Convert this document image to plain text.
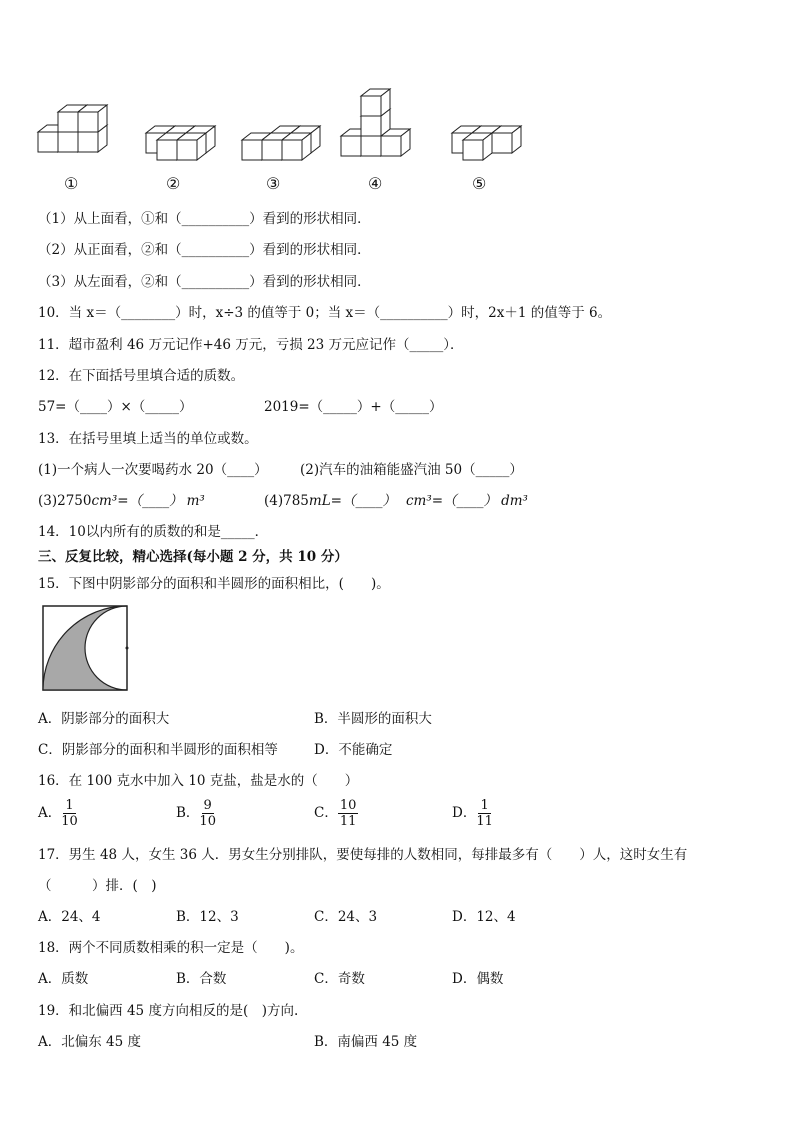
①	②	③	④	⑤
（1）从上面看，①和（__________）看到的形状相同．
（2）从正面看，②和（__________）看到的形状相同．
（3）从左面看，②和（__________）看到的形状相同．
10．当 x＝（________）时，x÷3 的值等于 0；当 x＝（__________）时，2x＋1 的值等于 6。
11．超市盈利 46 万元记作+46 万元，亏损 23 万元应记作（_____）．
12．在下面括号里填合适的质数。
57=（____）×（_____）	2019=（_____）+（_____）
13．在括号里填上适当的单位或数。
(1)一个病人一次要喝药水 20（____） (2)汽车的油箱能盛汽油 50（_____）
(3)2750cm³=（____） m³	(4)785mL=（____） cm³=（____） dm³
14．10以内所有的质数的和是_____．
三、反复比较，精心选择(每小题 2 分，共 10 分）
15．下图中阴影部分的面积和半圆形的面积相比，(　　)。
A．阴影部分的面积大	B．半圆形的面积大
C．阴影部分的面积和半圆形的面积相等	D．不能确定
16．在 100 克水中加入 10 克盐，盐是水的（　　）
A． $\frac{1}{10}$	B． $\frac{9}{10}$	C． $\frac{10}{11}$	D． $\frac{1}{11}$
17．男生 48 人，女生 36 人．男女生分别排队，要使每排的人数相同，每排最多有（　　）人，这时女生有
（　　　）排．(　)
A．24、4	B．12、3	C．24、3	D．12、4
18．两个不同质数相乘的积一定是（　　)。
A．质数	B．合数	C．奇数	D．偶数
19．和北偏西 45 度方向相反的是(　)方向.
A．北偏东 45 度	B．南偏西 45 度
